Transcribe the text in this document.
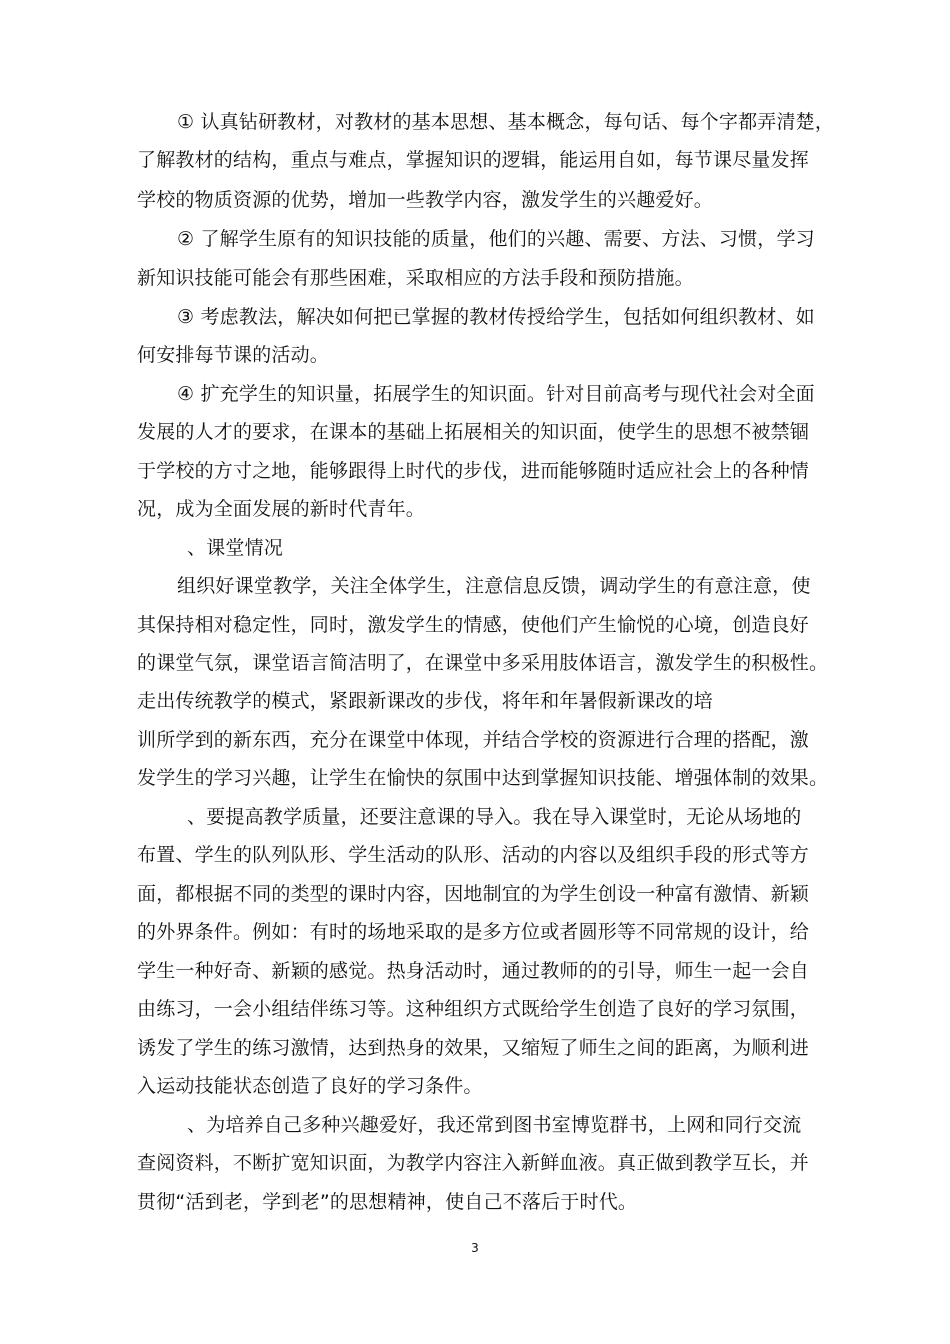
① 认真钻研教材，对教材的基本思想、基本概念，每句话、每个字都弄清楚，
了解教材的结构，重点与难点，掌握知识的逻辑，能运用自如，每节课尽量发挥
学校的物质资源的优势，增加一些教学内容，激发学生的兴趣爱好。
② 了解学生原有的知识技能的质量，他们的兴趣、需要、方法、习惯，学习
新知识技能可能会有那些困难，采取相应的方法手段和预防措施。
③ 考虑教法，解决如何把已掌握的教材传授给学生，包括如何组织教材、如
何安排每节课的活动。
④ 扩充学生的知识量，拓展学生的知识面。针对目前高考与现代社会对全面
发展的人才的要求，在课本的基础上拓展相关的知识面，使学生的思想不被禁锢
于学校的方寸之地，能够跟得上时代的步伐，进而能够随时适应社会上的各种情
况，成为全面发展的新时代青年。
、课堂情况
组织好课堂教学，关注全体学生，注意信息反馈，调动学生的有意注意，使
其保持相对稳定性，同时，激发学生的情感，使他们产生愉悦的心境，创造良好
的课堂气氛，课堂语言简洁明了，在课堂中多采用肢体语言，激发学生的积极性。
走出传统教学的模式，紧跟新课改的步伐，将年和年暑假新课改的培
训所学到的新东西，充分在课堂中体现，并结合学校的资源进行合理的搭配，激
发学生的学习兴趣，让学生在愉快的氛围中达到掌握知识技能、增强体制的效果。
、要提高教学质量，还要注意课的导入。我在导入课堂时，无论从场地的
布置、学生的队列队形、学生活动的队形、活动的内容以及组织手段的形式等方
面，都根据不同的类型的课时内容，因地制宜的为学生创设一种富有激情、新颖
的外界条件。例如：有时的场地采取的是多方位或者圆形等不同常规的设计，给
学生一种好奇、新颖的感觉。热身活动时，通过教师的的引导，师生一起一会自
由练习，一会小组结伴练习等。这种组织方式既给学生创造了良好的学习氛围，
诱发了学生的练习激情，达到热身的效果，又缩短了师生之间的距离，为顺利进
入运动技能状态创造了良好的学习条件。
、为培养自己多种兴趣爱好，我还常到图书室博览群书，上网和同行交流
查阅资料，不断扩宽知识面，为教学内容注入新鲜血液。真正做到教学互长，并
贯彻“活到老，学到老”的思想精神，使自己不落后于时代。
3
